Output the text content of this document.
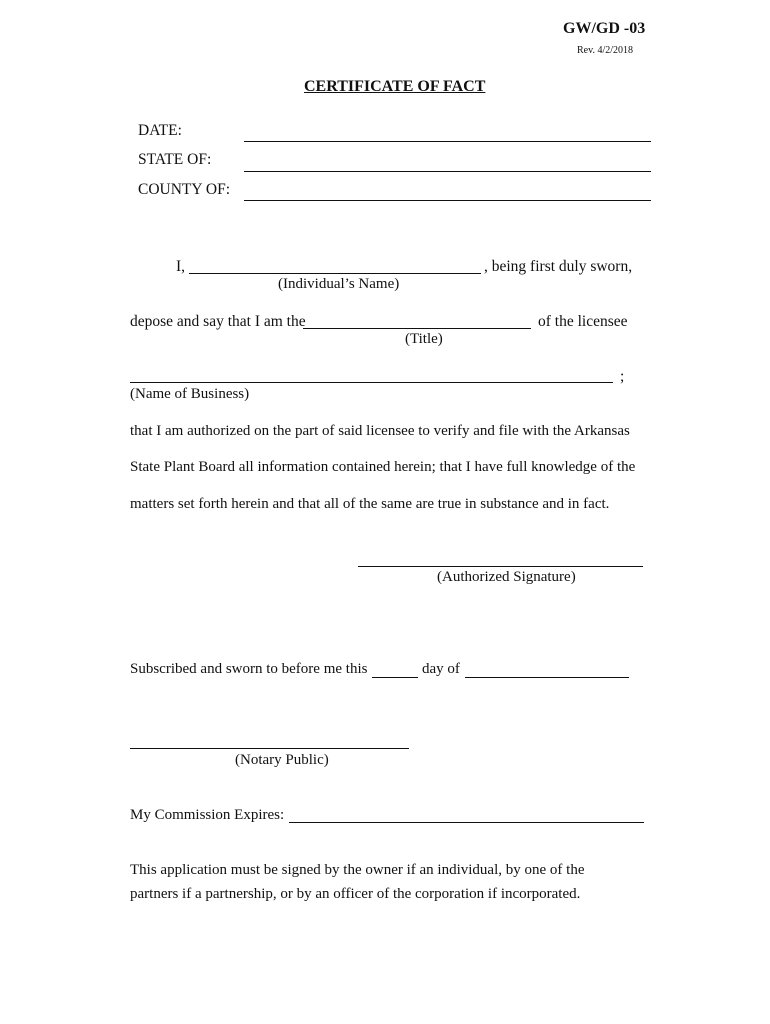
GW/GD -03
Rev. 4/2/2018
CERTIFICATE OF FACT
DATE:
STATE OF:
COUNTY OF:
I,	, being first duly sworn,
(Individual’s Name)
depose and say that I am the	of the licensee
(Title)
;
(Name of Business)
that I am authorized on the part of said licensee to verify and file with the Arkansas
State Plant Board all information contained herein; that I have full knowledge of the
matters set forth herein and that all of the same are true in substance and in fact.
(Authorized Signature)
Subscribed and sworn to before me this	day of
(Notary Public)
My Commission Expires:
This application must be signed by the owner if an individual, by one of the
partners if a partnership, or by an officer of the corporation if incorporated.
